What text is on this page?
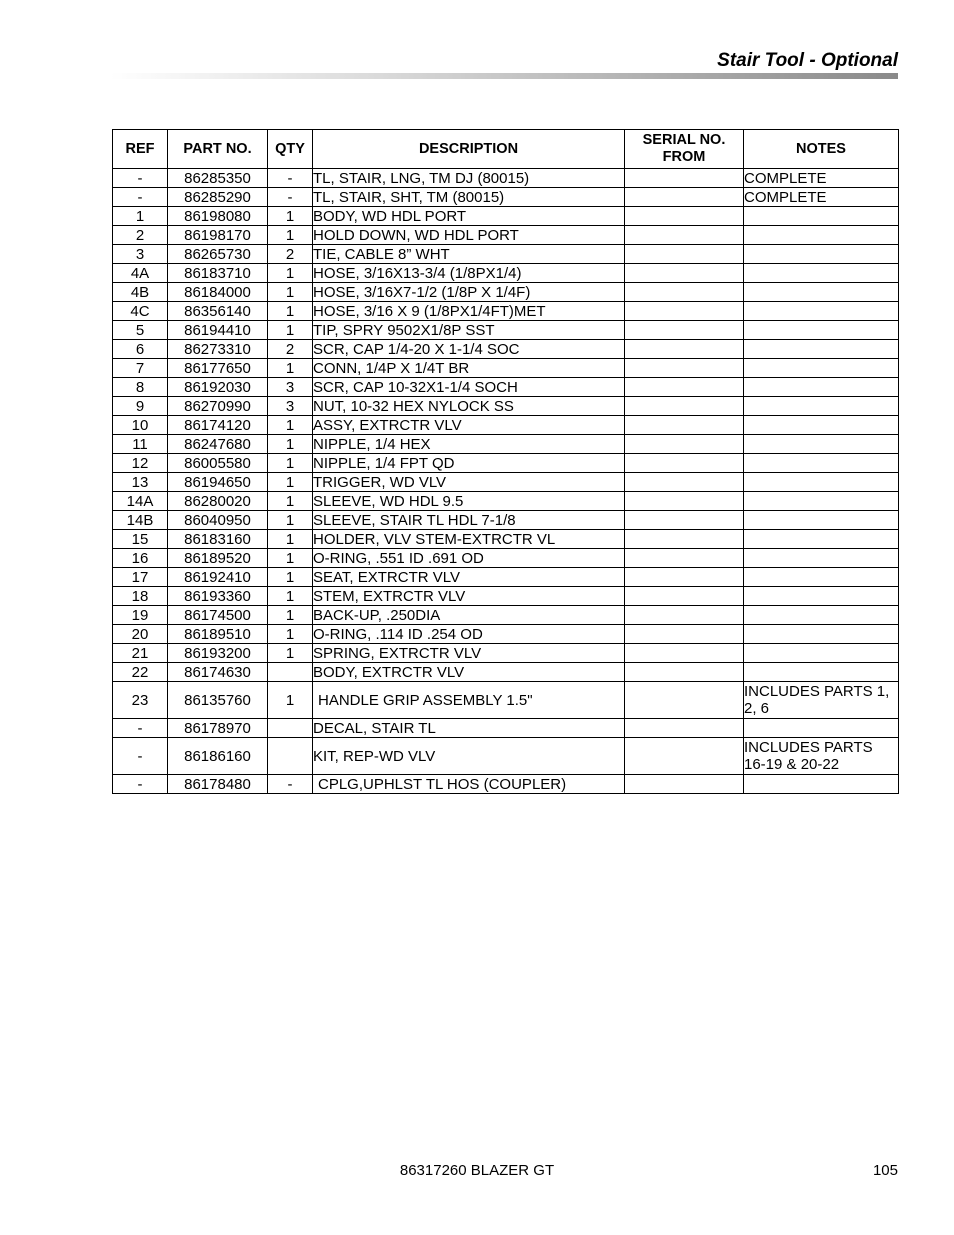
Stair Tool - Optional
REF	PART NO.	QTY	DESCRIPTION	SERIAL NO. FROM	NOTES
-	86285350	-	TL, STAIR, LNG, TM DJ (80015)		COMPLETE
-	86285290	-	TL, STAIR, SHT, TM (80015)		COMPLETE
1	86198080	1	BODY, WD HDL PORT		
2	86198170	1	HOLD DOWN, WD HDL PORT		
3	86265730	2	TIE, CABLE 8” WHT		
4A	86183710	1	HOSE, 3/16X13-3/4 (1/8PX1/4)		
4B	86184000	1	HOSE, 3/16X7-1/2 (1/8P X 1/4F)		
4C	86356140	1	HOSE, 3/16 X 9 (1/8PX1/4FT)MET		
5	86194410	1	TIP, SPRY 9502X1/8P SST		
6	86273310	2	SCR, CAP 1/4-20 X 1-1/4 SOC		
7	86177650	1	CONN, 1/4P X 1/4T BR		
8	86192030	3	SCR, CAP 10-32X1-1/4 SOCH		
9	86270990	3	NUT, 10-32 HEX NYLOCK SS		
10	86174120	1	ASSY, EXTRCTR VLV		
11	86247680	1	NIPPLE, 1/4 HEX		
12	86005580	1	NIPPLE, 1/4 FPT QD		
13	86194650	1	TRIGGER, WD VLV		
14A	86280020	1	SLEEVE, WD HDL 9.5		
14B	86040950	1	SLEEVE, STAIR TL HDL 7-1/8		
15	86183160	1	HOLDER, VLV STEM-EXTRCTR VL		
16	86189520	1	O-RING, .551 ID .691 OD		
17	86192410	1	SEAT, EXTRCTR VLV		
18	86193360	1	STEM, EXTRCTR VLV		
19	86174500	1	BACK-UP, .250DIA		
20	86189510	1	O-RING, .114 ID .254 OD		
21	86193200	1	SPRING, EXTRCTR VLV		
22	86174630		BODY, EXTRCTR VLV		
23	86135760	1	HANDLE GRIP ASSEMBLY 1.5"		INCLUDES PARTS 1, 2, 6
-	86178970		DECAL, STAIR TL		
-	86186160		KIT, REP-WD VLV		INCLUDES PARTS 16-19 & 20-22
-	86178480	-	CPLG,UPHLST TL HOS (COUPLER)		
86317260 BLAZER GT	105
